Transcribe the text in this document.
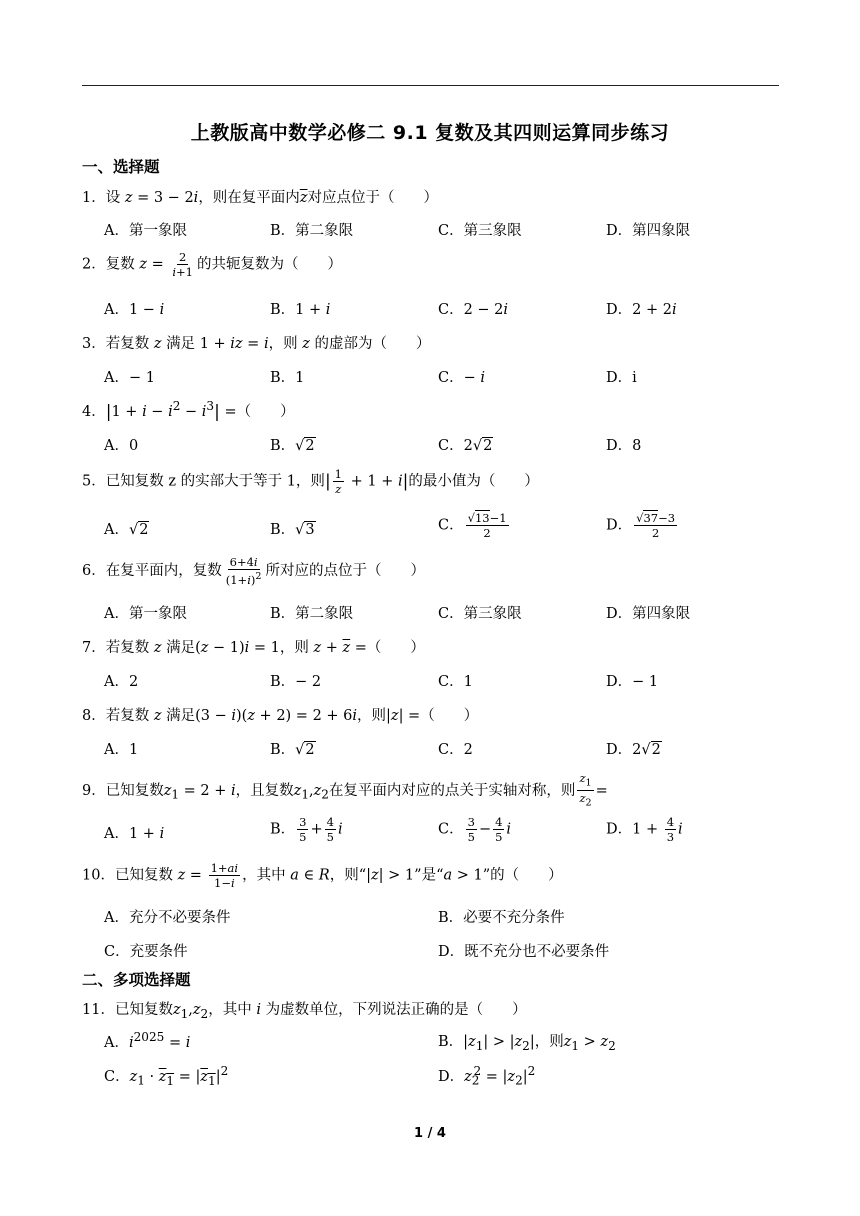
上教版高中数学必修二 9.1 复数及其四则运算同步练习
一、选择题
1．设 z = 3 − 2i，则在复平面内$\overline{z}$对应点位于（　　）
A．第一象限	B．第二象限	C．第三象限	D．第四象限
2．复数 $z = \frac{2}{i+1}$ 的共轭复数为（　　）
A．1 − i	B．1 + i	C．2 − 2i	D．2 + 2i
3．若复数 z 满足 1 + iz = i，则 z 的虚部为（　　）
A．− 1	B．1	C．− i	D．i
4．$|1 + i - i^2 - i^3|$ =（　　）
A．0	B．√2	C．2√2	D．8
5．已知复数 z 的实部大于等于 1，则| $\frac{1}{z} + 1 + i|$的最小值为（　　）
A．√2	B．√3	C． $\frac{√13-1}{2}$	D． $\frac{√37-3}{2}$
6．在复平面内，复数 $\frac{6+4i}{(1+i)^2}$ 所对应的点位于（　　）
A．第一象限	B．第二象限	C．第三象限	D．第四象限
7．若复数 z 满足(z − 1)i = 1，则 $z + \overline{z}$ =（　　）
A．2	B．− 2	C．1	D．− 1
8．若复数 z 满足(3 − i)(z + 2) = 2 + 6i，则|z| =（　　）
A．1	B．√2	C．2	D．2√2
9．已知复数$z_1 = 2 + i$，且复数$z_1,z_2$在复平面内对应的点关于实轴对称，则 $\frac{z_1}{z_2}$ =
A．1 + i	B． $\frac{3}{5} + \frac{4}{5}$ i	C． $\frac{3}{5} - \frac{4}{5}$ i	D．$1 + \frac{4}{3}$ i
10．已知复数 $z = \frac{1+ai}{1-i}$ ，其中 a ∈ R，则“|z| > 1”是“a > 1”的（　　）
A．充分不必要条件	B．必要不充分条件
C．充要条件	D．既不充分也不必要条件
二、多项选择题
11．已知复数$z_1,z_2$，其中 i 为虚数单位，下列说法正确的是（　　）
A．$i^{2025} = i$	B．$|z_1| > |z_2|$，则$z_1 > z_2$
C．$z_1 \cdot z_1 = |z_1|^2$	D．$z_2^2 = |z_2|^2$
1 / 4
